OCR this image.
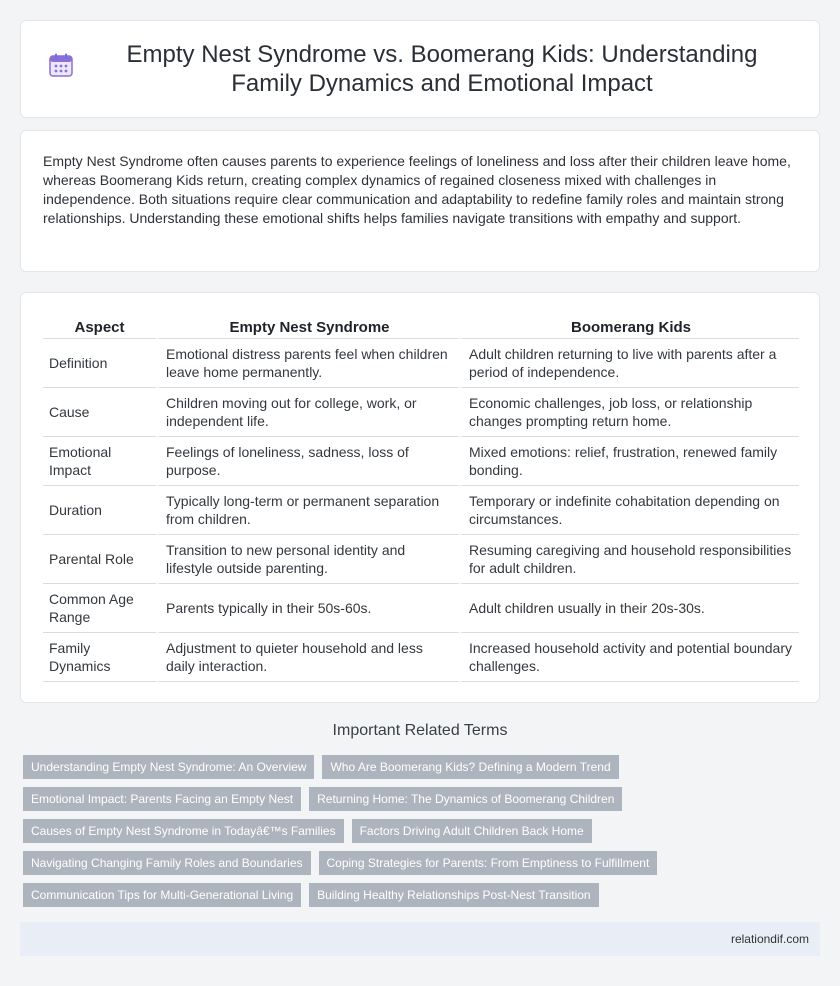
Empty Nest Syndrome vs. Boomerang Kids: Understanding Family Dynamics and Emotional Impact

Empty Nest Syndrome often causes parents to experience feelings of loneliness and loss after their children leave home, whereas Boomerang Kids return, creating complex dynamics of regained closeness mixed with challenges in independence. Both situations require clear communication and adaptability to redefine family roles and maintain strong relationships. Understanding these emotional shifts helps families navigate transitions with empathy and support.

Aspect	Empty Nest Syndrome	Boomerang Kids
Definition	Emotional distress parents feel when children leave home permanently.	Adult children returning to live with parents after a period of independence.
Cause	Children moving out for college, work, or independent life.	Economic challenges, job loss, or relationship changes prompting return home.
Emotional Impact	Feelings of loneliness, sadness, loss of purpose.	Mixed emotions: relief, frustration, renewed family bonding.
Duration	Typically long-term or permanent separation from children.	Temporary or indefinite cohabitation depending on circumstances.
Parental Role	Transition to new personal identity and lifestyle outside parenting.	Resuming caregiving and household responsibilities for adult children.
Common Age Range	Parents typically in their 50s-60s.	Adult children usually in their 20s-30s.
Family Dynamics	Adjustment to quieter household and less daily interaction.	Increased household activity and potential boundary challenges.
Important Related Terms
Understanding Empty Nest Syndrome: An Overview	Who Are Boomerang Kids? Defining a Modern Trend
Emotional Impact: Parents Facing an Empty Nest	Returning Home: The Dynamics of Boomerang Children
Causes of Empty Nest Syndrome in Todayâ€™s Families	Factors Driving Adult Children Back Home
Navigating Changing Family Roles and Boundaries	Coping Strategies for Parents: From Emptiness to Fulfillment
Communication Tips for Multi-Generational Living	Building Healthy Relationships Post-Nest Transition
relationdif.com
